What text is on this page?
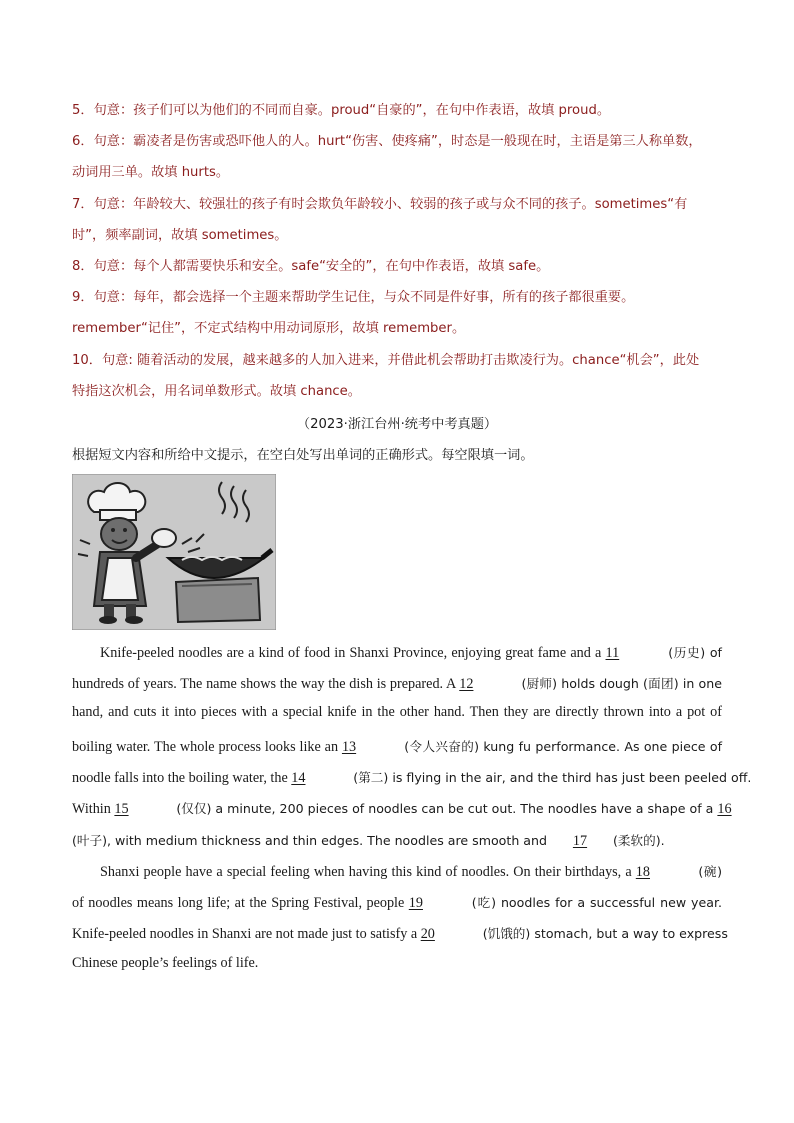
5．句意：孩子们可以为他们的不同而自豪。proud“自豪的”，在句中作表语，故填 proud。
6．句意：霸凌者是伤害或恐吓他人的人。hurt“伤害、使疼痛”，时态是一般现在时，主语是第三人称单数，
动词用三单。故填 hurts。
7．句意：年龄较大、较强壮的孩子有时会欺负年龄较小、较弱的孩子或与众不同的孩子。sometimes“有
时”，频率副词，故填 sometimes。
8．句意：每个人都需要快乐和安全。safe“安全的”，在句中作表语，故填 safe。
9．句意：每年，都会选择一个主题来帮助学生记住，与众不同是件好事，所有的孩子都很重要。
remember“记住”，不定式结构中用动词原形，故填 remember。
10．句意: 随着活动的发展，越来越多的人加入进来，并借此机会帮助打击欺凌行为。chance“机会”，此处
特指这次机会，用名词单数形式。故填 chance。
（2023·浙江台州·统考中考真题）
根据短文内容和所给中文提示，在空白处写出单词的正确形式。每空限填一词。
Knife-peeled noodles are a kind of food in Shanxi Province, enjoying great fame and a 11	(历史) of
hundreds of years. The name shows the way the dish is prepared. A 12	(厨师) holds dough (面团) in one
hand, and cuts it into pieces with a special knife in the other hand. Then they are directly thrown into a pot of
boiling water. The whole process looks like an 13	(令人兴奋的) kung fu performance. As one piece of
noodle falls into the boiling water, the 14	(第二) is flying in the air, and the third has just been peeled off.
Within 15	(仅仅) a minute, 200 pieces of noodles can be cut out. The noodles have a shape of a 16
(叶子), with medium thickness and thin edges. The noodles are smooth and 17 (柔软的).
Shanxi people have a special feeling when having this kind of noodles. On their birthdays, a 18	(碗)
of noodles means long life; at the Spring Festival, people 19	(吃) noodles for a successful new year.
Knife-peeled noodles in Shanxi are not made just to satisfy a 20	(饥饿的) stomach, but a way to express
Chinese people’s feelings of life.
